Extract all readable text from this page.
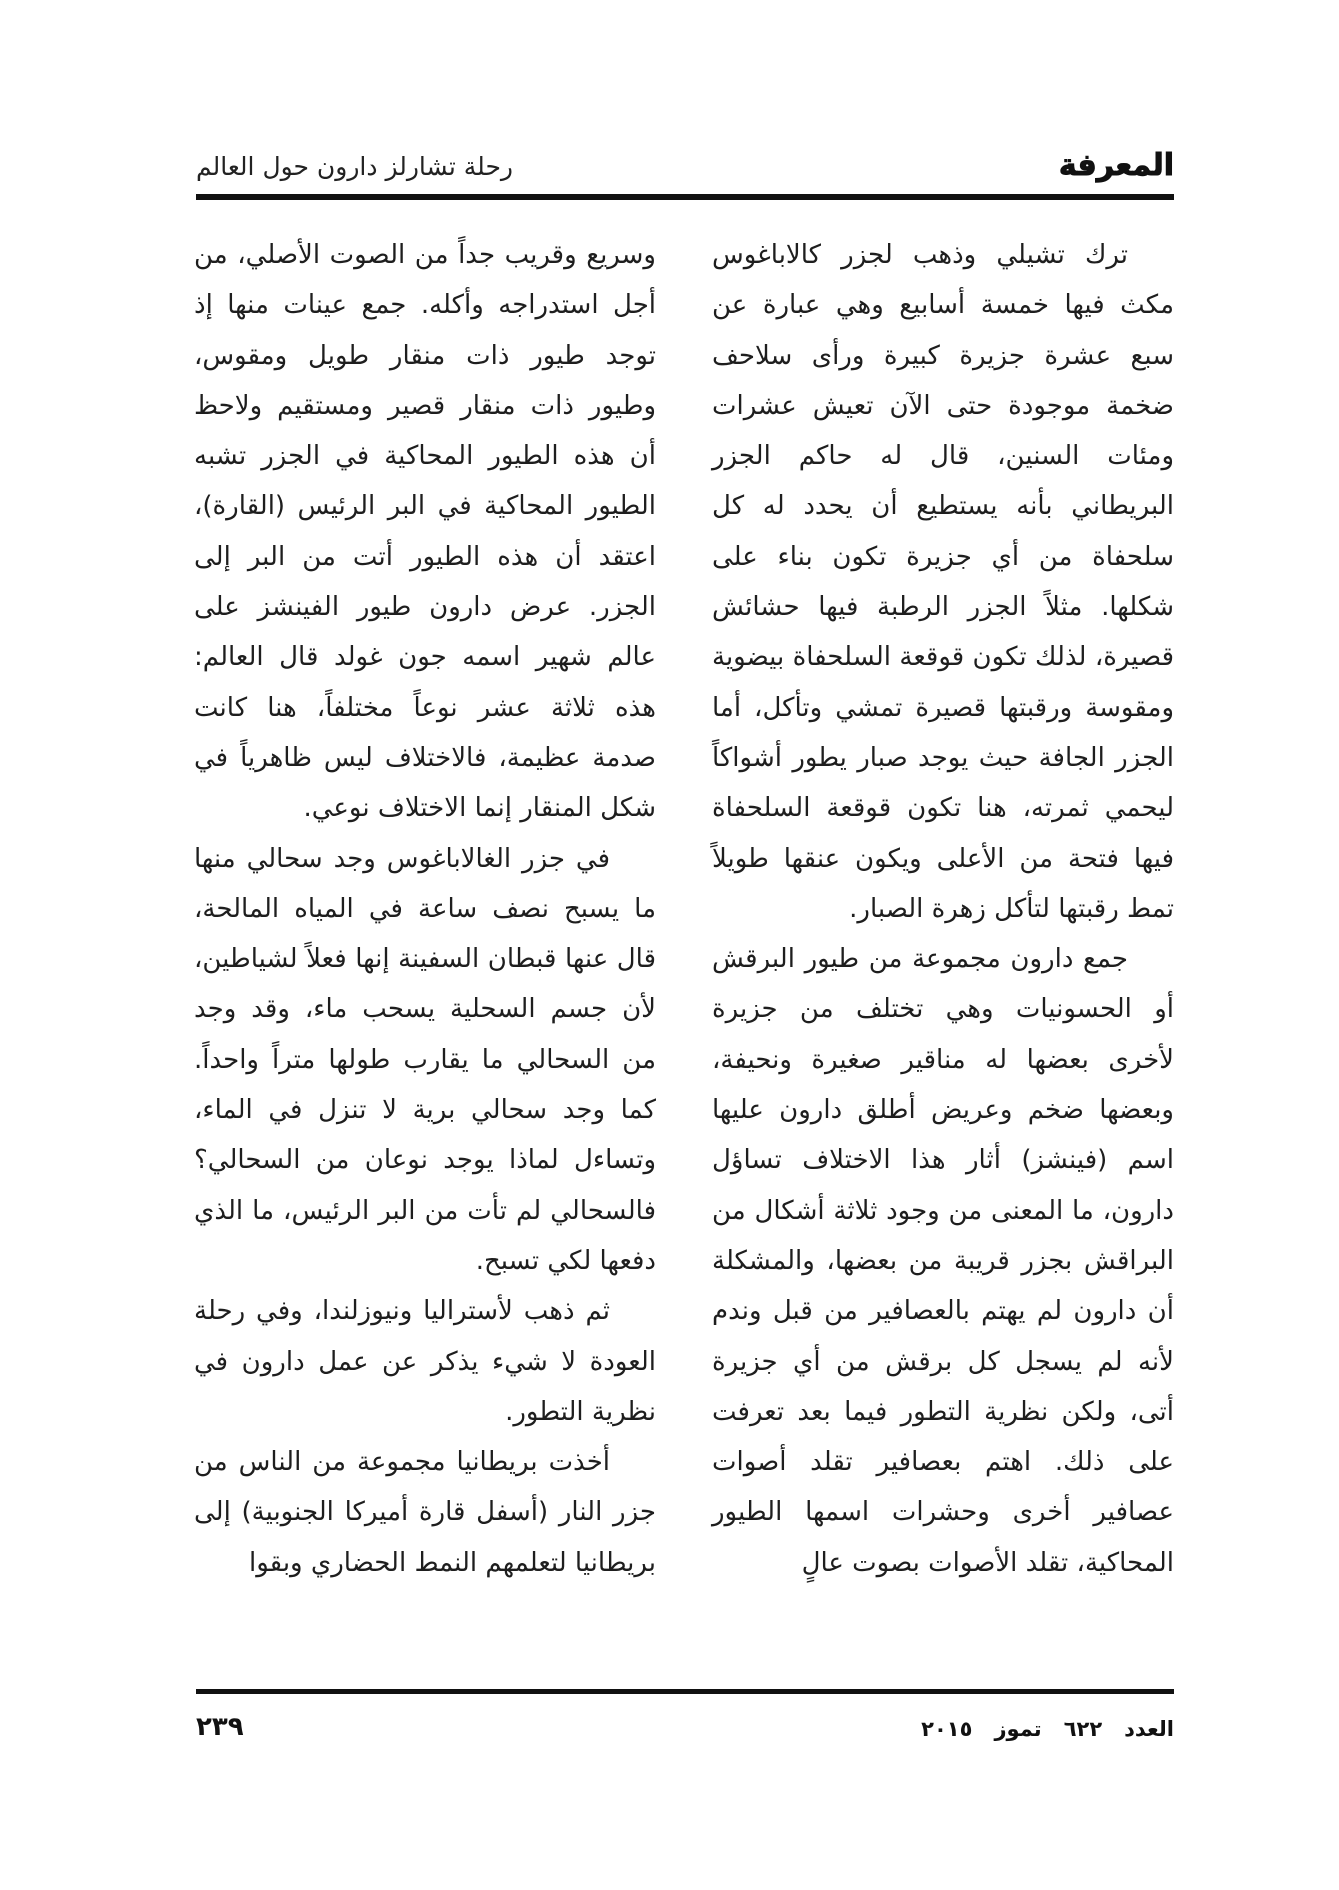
المعرفة
رحلة تشارلز دارون حول العالم

ترك تشيلي وذهب لجزر كالاباغوس مكث فيها خمسة أسابيع وهي عبارة عن سبع عشرة جزيرة كبيرة ورأى سلاحف ضخمة موجودة حتى الآن تعيش عشرات ومئات السنين، قال له حاكم الجزر البريطاني بأنه يستطيع أن يحدد له كل سلحفاة من أي جزيرة تكون بناء على شكلها. مثلاً الجزر الرطبة فيها حشائش قصيرة، لذلك تكون قوقعة السلحفاة بيضوية ومقوسة ورقبتها قصيرة تمشي وتأكل، أما الجزر الجافة حيث يوجد صبار يطور أشواكاً ليحمي ثمرته، هنا تكون قوقعة السلحفاة فيها فتحة من الأعلى ويكون عنقها طويلاً تمط رقبتها لتأكل زهرة الصبار.

جمع دارون مجموعة من طيور البرقش أو الحسونيات وهي تختلف من جزيرة لأخرى بعضها له مناقير صغيرة ونحيفة، وبعضها ضخم وعريض أطلق دارون عليها اسم (فينشز) أثار هذا الاختلاف تساؤل دارون، ما المعنى من وجود ثلاثة أشكال من البراقش بجزر قريبة من بعضها، والمشكلة أن دارون لم يهتم بالعصافير من قبل وندم لأنه لم يسجل كل برقش من أي جزيرة أتى، ولكن نظرية التطور فيما بعد تعرفت على ذلك. اهتم بعصافير تقلد أصوات عصافير أخرى وحشرات اسمها الطيور المحاكية، تقلد الأصوات بصوت عالٍ

وسريع وقريب جداً من الصوت الأصلي، من أجل استدراجه وأكله. جمع عينات منها إذ توجد طيور ذات منقار طويل ومقوس، وطيور ذات منقار قصير ومستقيم ولاحظ أن هذه الطيور المحاكية في الجزر تشبه الطيور المحاكية في البر الرئيس (القارة)، اعتقد أن هذه الطيور أتت من البر إلى الجزر. عرض دارون طيور الفينشز على عالم شهير اسمه جون غولد قال العالم: هذه ثلاثة عشر نوعاً مختلفاً، هنا كانت صدمة عظيمة، فالاختلاف ليس ظاهرياً في شكل المنقار إنما الاختلاف نوعي.

في جزر الغالاباغوس وجد سحالي منها ما يسبح نصف ساعة في المياه المالحة، قال عنها قبطان السفينة إنها فعلاً لشياطين، لأن جسم السحلية يسحب ماء، وقد وجد من السحالي ما يقارب طولها متراً واحداً. كما وجد سحالي برية لا تنزل في الماء، وتساءل لماذا يوجد نوعان من السحالي؟ فالسحالي لم تأت من البر الرئيس، ما الذي دفعها لكي تسبح.

ثم ذهب لأستراليا ونيوزلندا، وفي رحلة العودة لا شيء يذكر عن عمل دارون في نظرية التطور.

أخذت بريطانيا مجموعة من الناس من جزر النار (أسفل قارة أميركا الجنوبية) إلى بريطانيا لتعلمهم النمط الحضاري وبقوا

العدد٦٢٢تموز٢٠١٥
٢٣٩
